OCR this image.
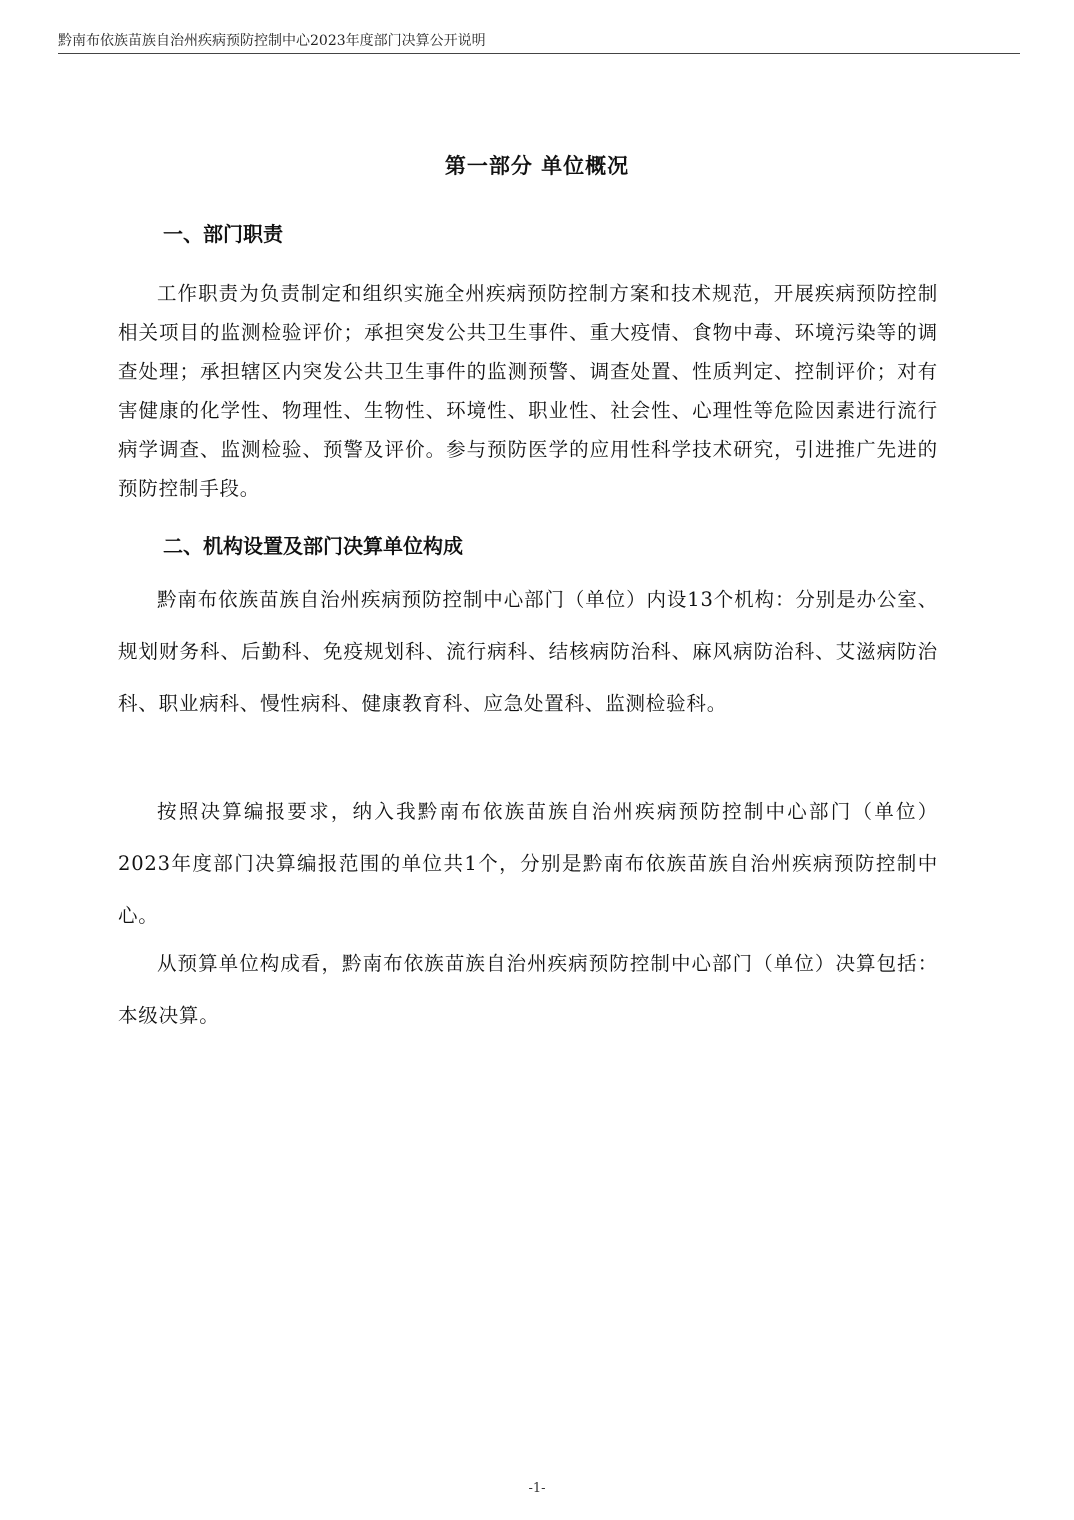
黔南布依族苗族自治州疾病预防控制中心2023年度部门决算公开说明
第一部分 单位概况
一、部门职责

工作职责为负责制定和组织实施全州疾病预防控制方案和技术规范，开展疾病预防控制相关项目的监测检验评价；承担突发公共卫生事件、重大疫情、食物中毒、环境污染等的调查处理；承担辖区内突发公共卫生事件的监测预警、调查处置、性质判定、控制评价；对有害健康的化学性、物理性、生物性、环境性、职业性、社会性、心理性等危险因素进行流行病学调查、监测检验、预警及评价。参与预防医学的应用性科学技术研究，引进推广先进的预防控制手段。

二、机构设置及部门决算单位构成

黔南布依族苗族自治州疾病预防控制中心部门（单位）内设13个机构：分别是办公室、规划财务科、后勤科、免疫规划科、流行病科、结核病防治科、麻风病防治科、艾滋病防治科、职业病科、慢性病科、健康教育科、应急处置科、监测检验科。

按照决算编报要求，纳入我黔南布依族苗族自治州疾病预防控制中心部门（单位）2023年度部门决算编报范围的单位共1个，分别是黔南布依族苗族自治州疾病预防控制中心。

从预算单位构成看，黔南布依族苗族自治州疾病预防控制中心部门（单位）决算包括：本级决算。

-1-
